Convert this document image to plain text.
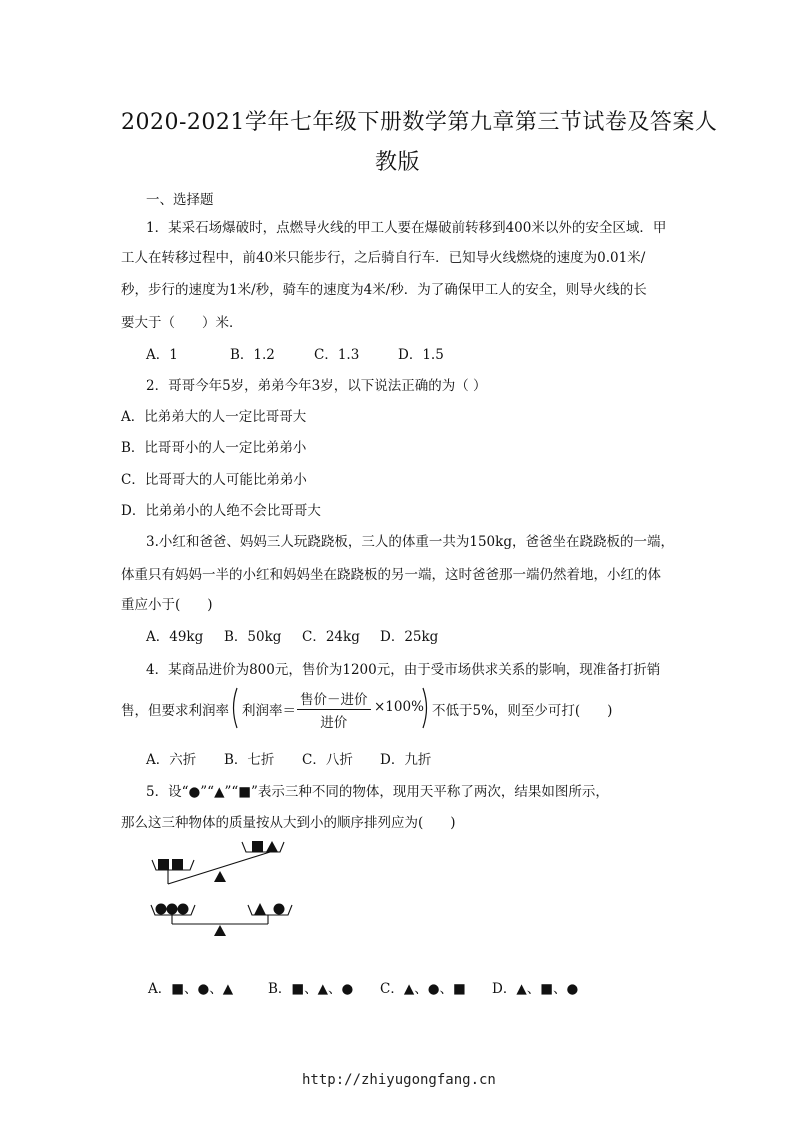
2020-2021学年七年级下册数学第九章第三节试卷及答案人
教版
一、选择题
1．某采石场爆破时，点燃导火线的甲工人要在爆破前转移到400米以外的安全区域．甲
工人在转移过程中，前40米只能步行，之后骑自行车．已知导火线燃烧的速度为0.01米/
秒，步行的速度为1米/秒，骑车的速度为4米/秒．为了确保甲工人的安全，则导火线的长
要大于（　　）米．
A．1	B．1.2	C．1.3	D．1.5
2．哥哥今年5岁，弟弟今年3岁，以下说法正确的为（ ）
A．比弟弟大的人一定比哥哥大
B．比哥哥小的人一定比弟弟小
C．比哥哥大的人可能比弟弟小
D．比弟弟小的人绝不会比哥哥大
3.小红和爸爸、妈妈三人玩跷跷板，三人的体重一共为150kg，爸爸坐在跷跷板的一端，
体重只有妈妈一半的小红和妈妈坐在跷跷板的另一端，这时爸爸那一端仍然着地，小红的体
重应小于(　　)
A．49kg B．50kg C．24kg D．25kg
4．某商品进价为800元，售价为1200元，由于受市场供求关系的影响，现准备打折销
售，但要求利润率 利润率＝
售价－进价
进价
×100% 不低于5%，则至少可打(　　)
A．六折 B．七折 C．八折 D．九折
5．设“●”“▲”“■”表示三种不同的物体，现用天平称了两次，结果如图所示，
那么这三种物体的质量按从大到小的顺序排列应为(　　)
A．■、●、▲	B．■、▲、● C．▲、●、■ D．▲、■、●
http://zhiyugongfang.cn
